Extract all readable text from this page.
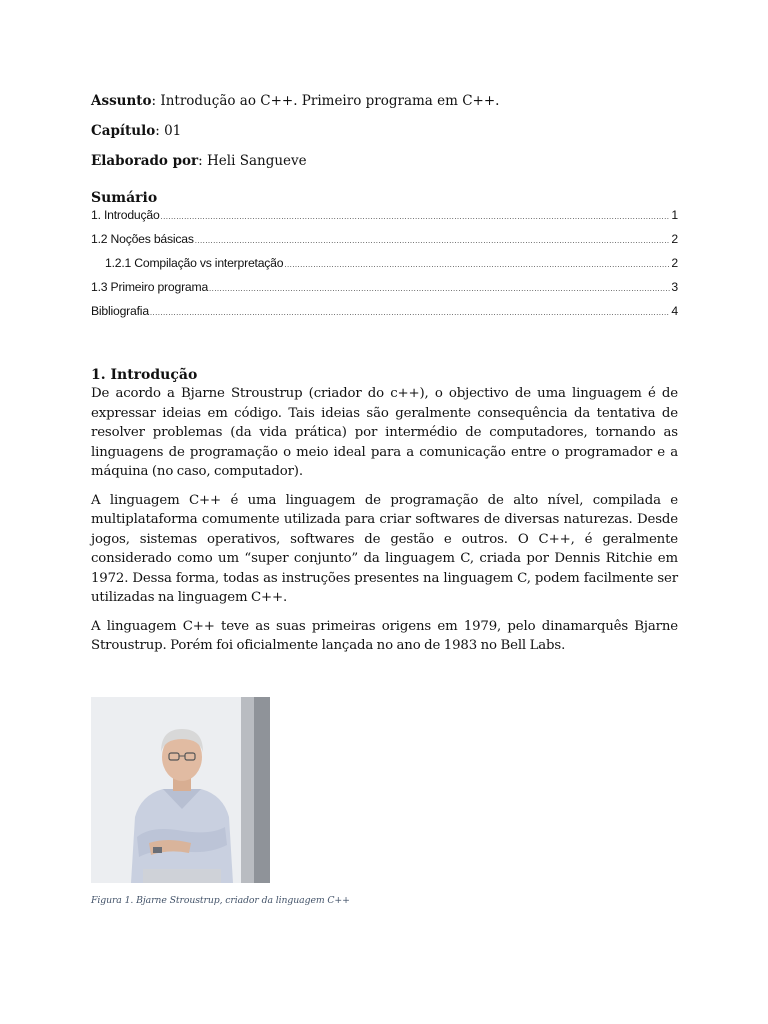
Assunto: Introdução ao C++. Primeiro programa em C++.
Capítulo: 01
Elaborado por: Heli Sangueve
Sumário
1. Introdução .....	1
1.2 Noções básicas .....	2
1.2.1 Compilação vs interpretação .....	2
1.3 Primeiro programa .....	3
Bibliografia .....	4
1. Introdução

De acordo a Bjarne Stroustrup (criador do c++), o objectivo de uma linguagem é de expressar ideias em código. Tais ideias são geralmente consequência da tentativa de resolver problemas (da vida prática) por intermédio de computadores, tornando as linguagens de programação o meio ideal para a comunicação entre o programador e a máquina (no caso, computador).

A linguagem C++ é uma linguagem de programação de alto nível, compilada e multiplataforma comumente utilizada para criar softwares de diversas naturezas. Desde jogos, sistemas operativos, softwares de gestão e outros. O C++, é geralmente considerado como um “super conjunto” da linguagem C, criada por Dennis Ritchie em 1972. Dessa forma, todas as instruções presentes na linguagem C, podem facilmente ser utilizadas na linguagem C++.

A linguagem C++ teve as suas primeiras origens em 1979, pelo dinamarquês Bjarne Stroustrup. Porém foi oficialmente lançada no ano de 1983 no Bell Labs.

Figura 1. Bjarne Stroustrup, criador da linguagem C++
